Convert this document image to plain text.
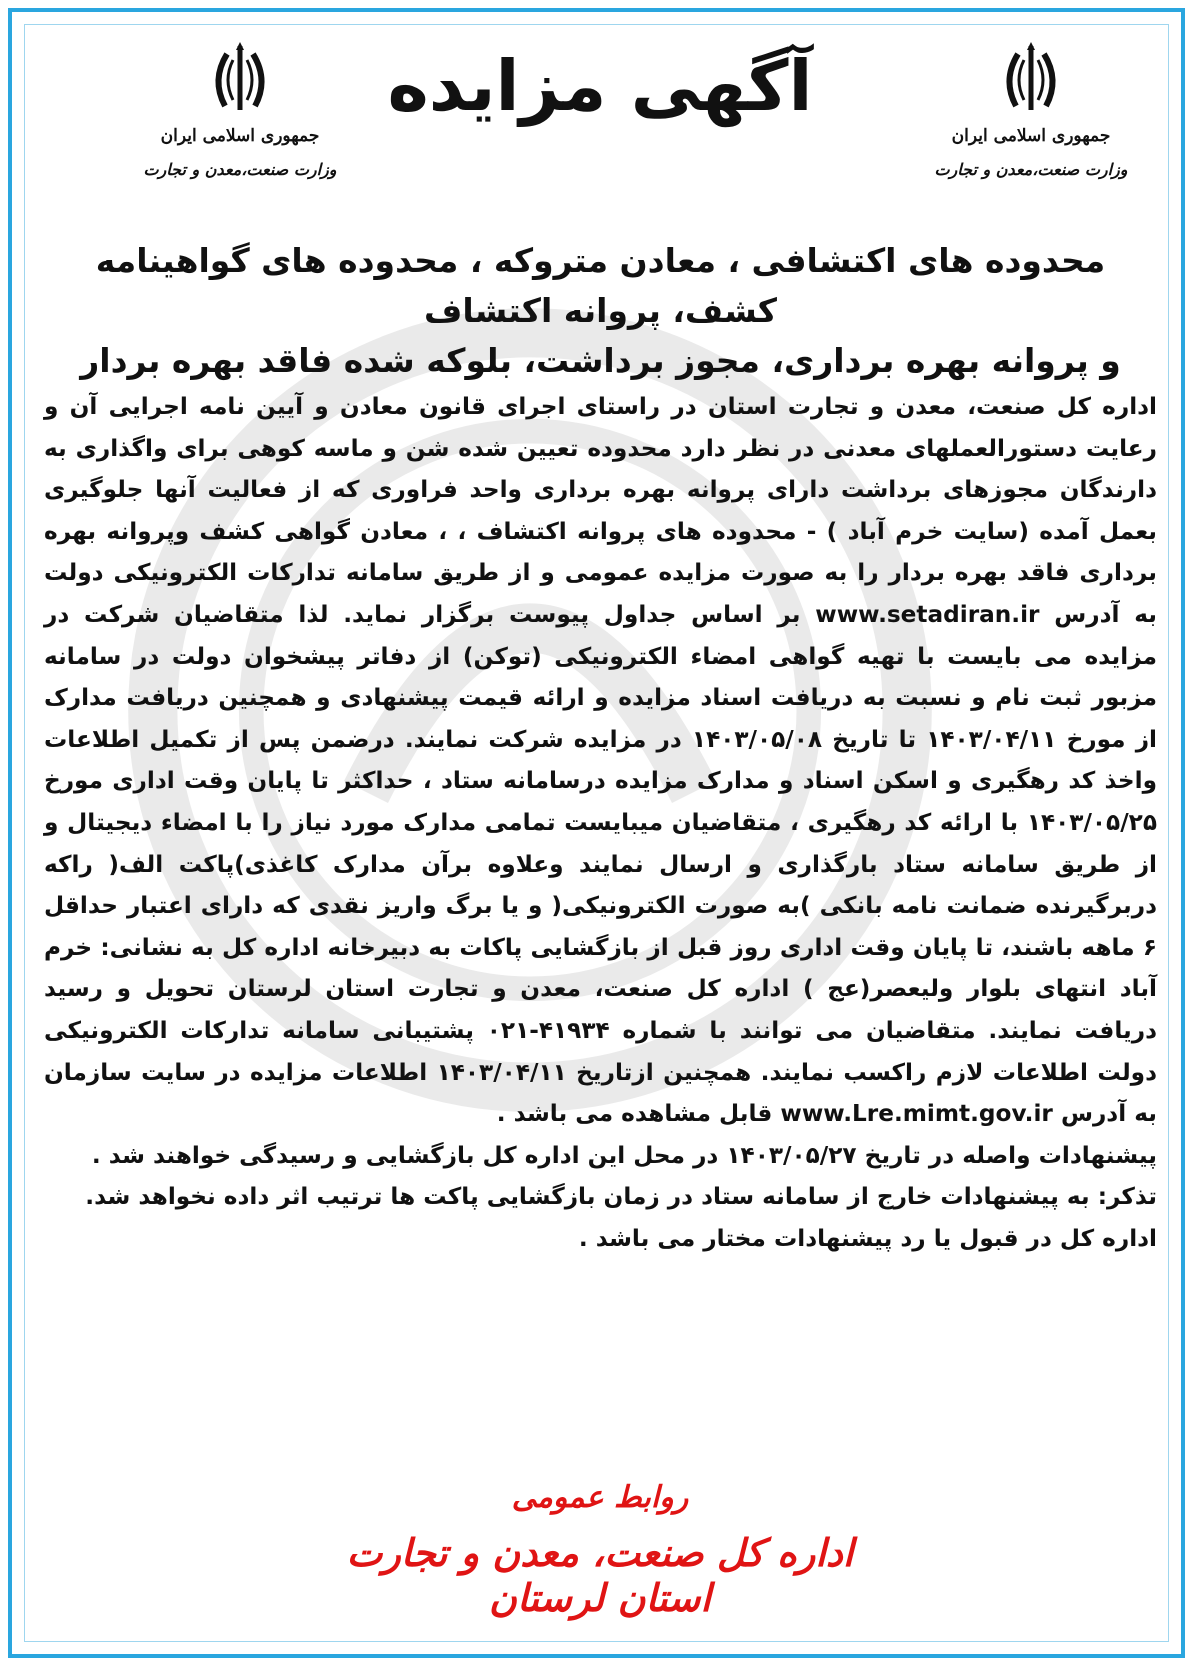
جمهوری اسلامی ایران
وزارت صنعت،معدن و تجارت
جمهوری اسلامی ایران
وزارت صنعت،معدن و تجارت
آگهی مزایده
محدوده های اکتشافی ، معادن متروکه ، محدوده های گواهینامه کشف، پروانه اکتشاف
و پروانه بهره برداری، مجوز برداشت، بلوکه شده فاقد بهره بردار

اداره کل صنعت، معدن و تجارت استان در راستای اجرای قانون معادن و آیین نامه اجرایی آن و رعایت دستورالعملهای معدنی در نظر دارد محدوده تعیین شده شن و ماسه کوهی برای واگذاری به دارندگان مجوزهای برداشت دارای پروانه بهره برداری واحد فراوری که از فعالیت آنها جلوگیری بعمل آمده (سایت خرم آباد ) - محدوده های پروانه اکتشاف ، ، معادن گواهی کشف وپروانه بهره برداری فاقد بهره بردار را به صورت مزایده عمومی و از طریق سامانه تدارکات الکترونیکی دولت به آدرس www.setadiran.ir بر اساس جداول پیوست برگزار نماید. لذا متقاضیان شرکت در مزایده می بایست با تهیه گواهی امضاء الکترونیکی (توکن) از دفاتر پیشخوان دولت در سامانه مزبور ثبت نام و نسبت به دریافت اسناد مزایده و ارائه قیمت پیشنهادی و همچنین دریافت مدارک از مورخ ۱۴۰۳/۰۴/۱۱ تا تاریخ ۱۴۰۳/۰۵/۰۸ در مزایده شرکت نمایند. درضمن پس از تکمیل اطلاعات واخذ کد رهگیری و اسکن اسناد و مدارک مزایده درسامانه ستاد ، حداکثر تا پایان وقت اداری مورخ ۱۴۰۳/۰۵/۲۵ با ارائه کد رهگیری ، متقاضیان میبایست تمامی مدارک مورد نیاز را با امضاء دیجیتال و از طریق سامانه ستاد بارگذاری و ارسال نمایند وعلاوه برآن مدارک کاغذی)پاکت الف( راکه دربرگیرنده ضمانت نامه بانکی )به صورت الکترونیکی( و یا برگ واریز نقدی که دارای اعتبار حداقل ۶ ماهه باشند، تا پایان وقت اداری روز قبل از بازگشایی پاکات به دبیرخانه اداره کل به نشانی: خرم آباد انتهای بلوار ولیعصر(عج ) اداره کل صنعت، معدن و تجارت استان لرستان تحویل و رسید دریافت نمایند. متقاضیان می توانند با شماره ۴۱۹۳۴-۰۲۱ پشتیبانی سامانه تدارکات الکترونیکی دولت اطلاعات لازم راکسب نمایند. همچنین ازتاریخ ۱۴۰۳/۰۴/۱۱ اطلاعات مزایده در سایت سازمان به آدرس www.Lre.mimt.gov.ir قابل مشاهده می باشد .

پیشنهادات واصله در تاریخ ۱۴۰۳/۰۵/۲۷ در محل این اداره کل بازگشایی و رسیدگی خواهند شد .

تذکر: به پیشنهادات خارج از سامانه ستاد در زمان بازگشایی پاکت ها ترتیب اثر داده نخواهد شد.

اداره کل در قبول یا رد پیشنهادات مختار می باشد .

روابط عمومی
اداره کل صنعت، معدن و تجارت استان لرستان
